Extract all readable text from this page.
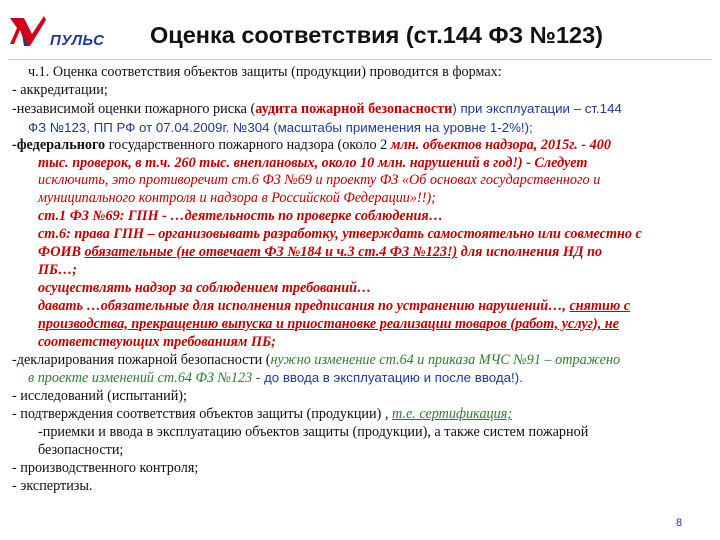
ПУЛЬС Оценка соответствия (ст.144 ФЗ №123)
ч.1. Оценка соответствия объектов защиты (продукции) проводится в формах:
- аккредитации;
-независимой оценки пожарного риска (аудита пожарной безопасности) при эксплуатации – ст.144
ФЗ №123, ПП РФ от 07.04.2009г. №304 (масштабы применения на уровне 1-2%!);
-федерального государственного пожарного надзора (около 2 млн. объектов надзора, 2015г. - 400
тыс. проверок, в т.ч. 260 тыс. внеплановых, около 10 млн. нарушений в год!) - Следует
исключить, это противоречит ст.6 ФЗ №69 и проекту ФЗ «Об основах государственного и
муниципального контроля и надзора в Российской Федерации»!!);
ст.1 ФЗ №69: ГПН - …деятельность по проверке соблюдения…
ст.6: права ГПН – организовывать разработку, утверждать самостоятельно или совместно с
ФОИВ обязательные (не отвечает ФЗ №184 и ч.3 ст.4 ФЗ №123!) для исполнения НД по
ПБ…;
осуществлять надзор за соблюдением требований…
давать …обязательные для исполнения предписания по устранению нарушений…, снятию с
производства, прекращению выпуска и приостановке реализации товаров (работ, услуг), не
соответствующих требованиям ПБ;
-декларирования пожарной безопасности (нужно изменение ст.64 и приказа МЧС №91 – отражено
в проекте изменений ст.64 ФЗ №123 - до ввода в эксплуатацию и после ввода!).
- исследований (испытаний);
- подтверждения соответствия объектов защиты (продукции) , т.е. сертификация;
-приемки и ввода в эксплуатацию объектов защиты (продукции), а также систем пожарной
безопасности;
- производственного контроля;
- экспертизы.
8
